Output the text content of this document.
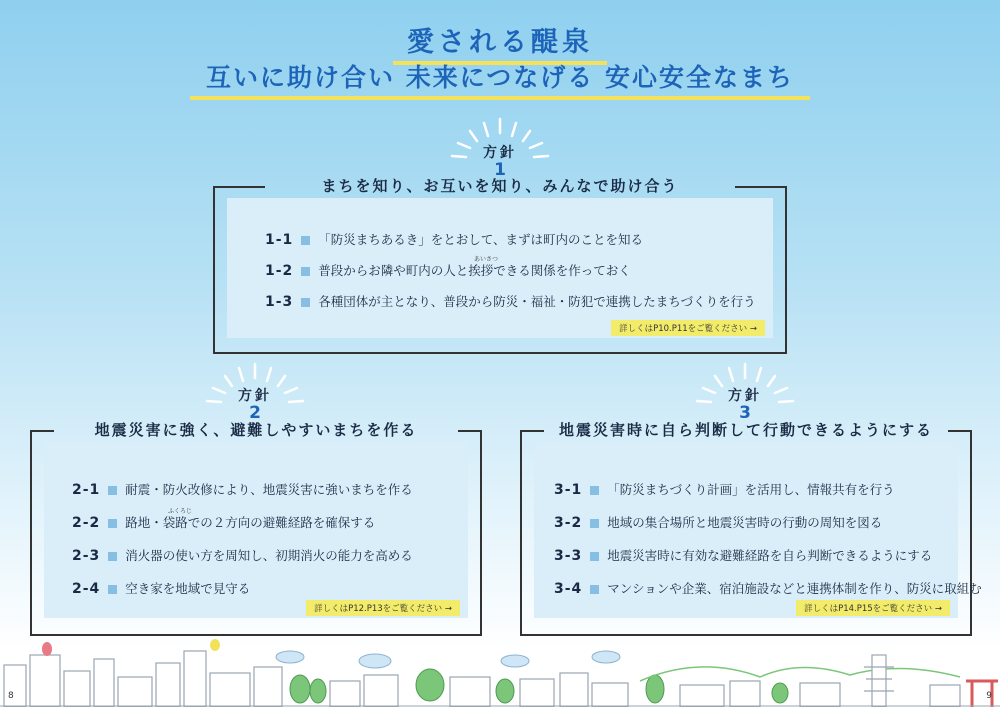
愛される醍泉
互いに助け合い 未来につなげる 安心安全なまち
方針
1
まちを知り、お互いを知り、みんなで助け合う
1-1 「防災まちあるき」をとおして、まずは町内のことを知る
1-2 普段からお隣や町内の人と挨拶できる関係を作っておく
あいさつ
1-3 各種団体が主となり、普段から防災・福祉・防犯で連携したまちづくりを行う
詳しくはP10.P11をご覧ください →
方針
2
地震災害に強く、避難しやすいまちを作る
2-1 耐震・防火改修により、地震災害に強いまちを作る
2-2 路地・袋路での２方向の避難経路を確保する
ふくろじ
2-3 消火器の使い方を周知し、初期消火の能力を高める
2-4 空き家を地域で見守る
詳しくはP12.P13をご覧ください →
方針
3
地震災害時に自ら判断して行動できるようにする
3-1 「防災まちづくり計画」を活用し、情報共有を行う
3-2 地域の集合場所と地震災害時の行動の周知を図る
3-3 地震災害時に有効な避難経路を自ら判断できるようにする
3-4 マンションや企業、宿泊施設などと連携体制を作り、防災に取組む
詳しくはP14.P15をご覧ください →
8	9
